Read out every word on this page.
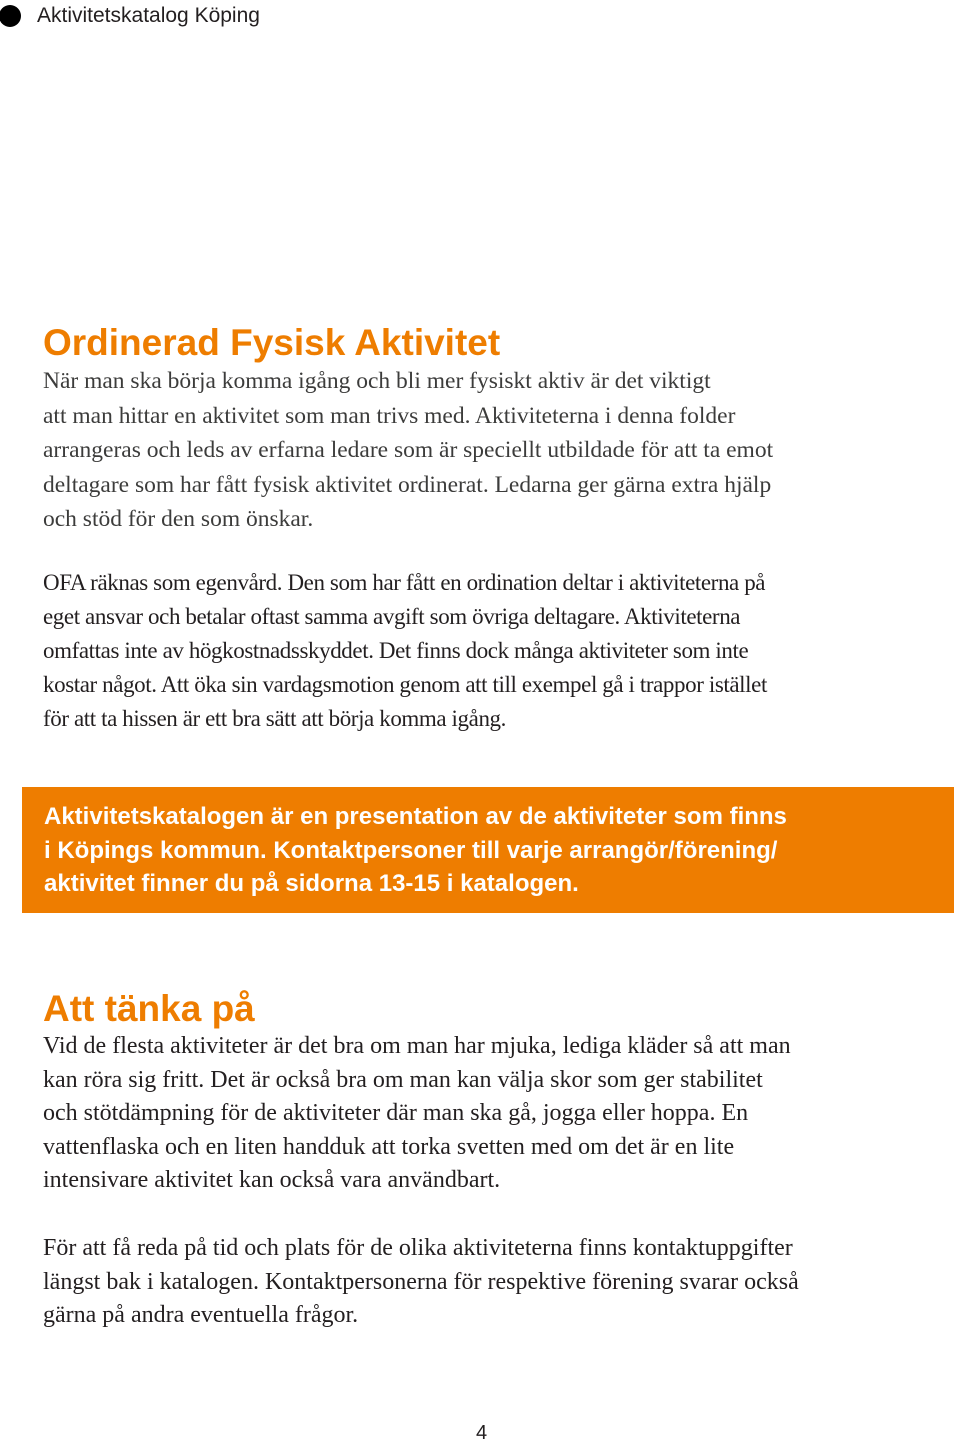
Aktivitetskatalog Köping
Ordinerad Fysisk Aktivitet

När man ska börja komma igång och bli mer fysiskt aktiv är det viktigt
att man hittar en aktivitet som man trivs med. Aktiviteterna i denna folder
arrangeras och leds av erfarna ledare som är speciellt utbildade för att ta emot
deltagare som har fått fysisk aktivitet ordinerat. Ledarna ger gärna extra hjälp
och stöd för den som önskar.

OFA räknas som egenvård. Den som har fått en ordination deltar i aktiviteterna på
eget ansvar och betalar oftast samma avgift som övriga deltagare. Aktiviteterna
omfattas inte av högkostnadsskyddet. Det finns dock många aktiviteter som inte
kostar något. Att öka sin vardagsmotion genom att till exempel gå i trappor istället
för att ta hissen är ett bra sätt att börja komma igång.

Aktivitetskatalogen är en presentation av de aktiviteter som finns
i Köpings kommun. Kontaktpersoner till varje arrangör/förening/
aktivitet finner du på sidorna 13-15 i katalogen.
Att tänka på

Vid de flesta aktiviteter är det bra om man har mjuka, lediga kläder så att man
kan röra sig fritt. Det är också bra om man kan välja skor som ger stabilitet
och stötdämpning för de aktiviteter där man ska gå, jogga eller hoppa. En
vattenflaska och en liten handduk att torka svetten med om det är en lite
intensivare aktivitet kan också vara användbart.

För att få reda på tid och plats för de olika aktiviteterna finns kontaktuppgifter
längst bak i katalogen. Kontaktpersonerna för respektive förening svarar också
gärna på andra eventuella frågor.

4
